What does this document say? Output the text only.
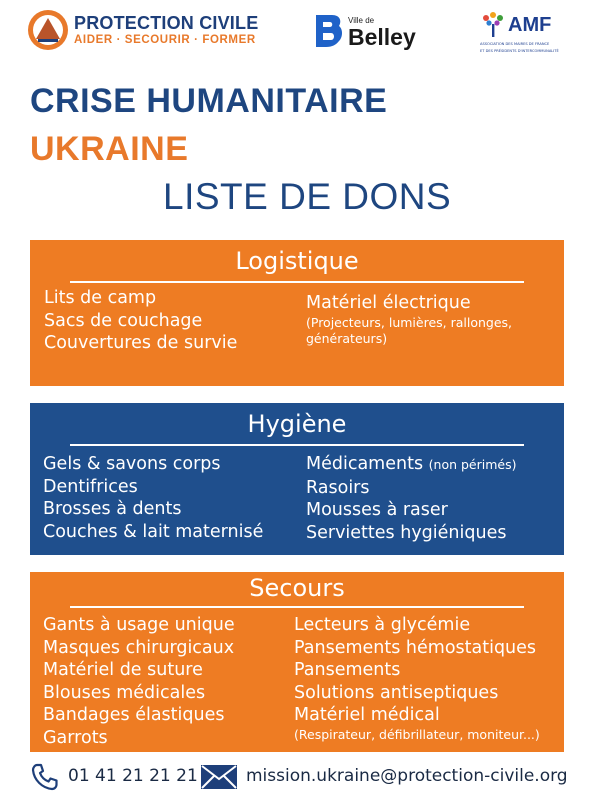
PROTECTION CIVILE
AIDER · SECOURIR · FORMER
Ville de
Belley	AMF
ASSOCIATION DES MAIRES DE FRANCE
ET DES PRÉSIDENTS D'INTERCOMMUNALITÉ
CRISE HUMANITAIRE
UKRAINE
LISTE DE DONS
Logistique
Lits de camp
Sacs de couchage
Couvertures de survie
Matériel électrique
(Projecteurs, lumières, rallonges,
générateurs)
Hygiène
Gels & savons corps
Dentifrices
Brosses à dents
Couches & lait maternisé
Médicaments (non périmés)
Rasoirs
Mousses à raser
Serviettes hygiéniques
Secours
Gants à usage unique
Masques chirurgicaux
Matériel de suture
Blouses médicales
Bandages élastiques
Garrots
Lecteurs à glycémie
Pansements hémostatiques
Pansements
Solutions antiseptiques
Matériel médical
(Respirateur, défibrillateur, moniteur...)
01 41 21 21 21	mission.ukraine@protection-civile.org
